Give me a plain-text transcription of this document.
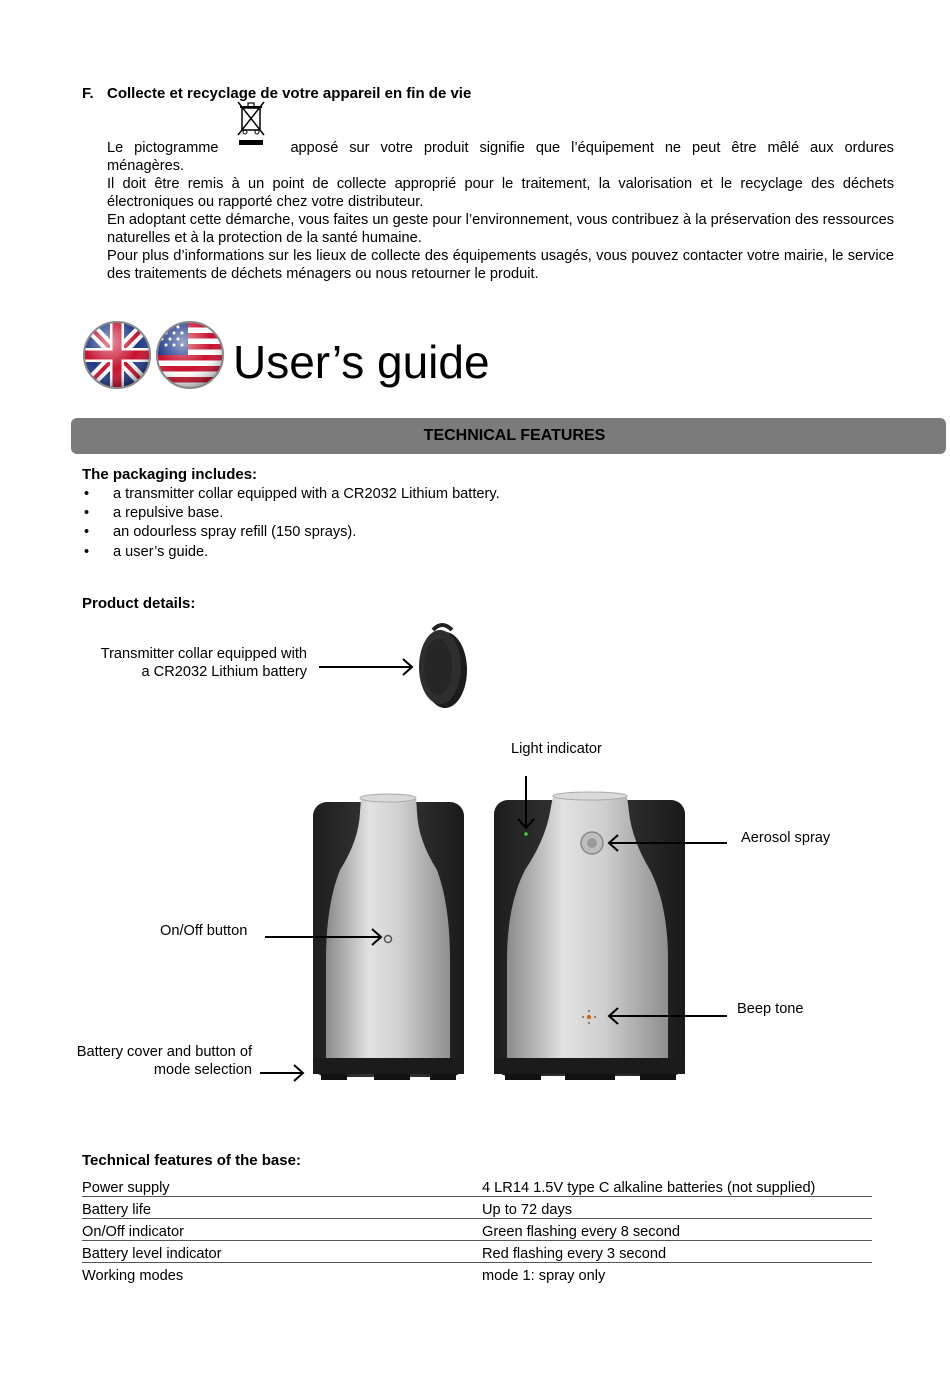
F. Collecte et recyclage de votre appareil en fin de vie

Le pictogramme	apposé sur votre produit signifie que l’équipement ne peut être mêlé aux ordures

ménagères.

Il doit être remis à un point de collecte approprié pour le traitement, la valorisation et le recyclage des déchets électroniques ou rapporté chez votre distributeur.

En adoptant cette démarche, vous faites un geste pour l’environnement, vous contribuez à la préservation des ressources naturelles et à la protection de la santé humaine.

Pour plus d’informations sur les lieux de collecte des équipements usagés, vous pouvez contacter votre mairie, le service des traitements de déchets ménagers ou nous retourner le produit.

User’s guide
TECHNICAL FEATURES
The packaging includes:
• a transmitter collar equipped with a CR2032 Lithium battery.
• a repulsive base.
• an odourless spray refill (150 sprays).
• a user’s guide.
Product details:
Transmitter collar equipped with
a CR2032 Lithium battery
Light indicator
Aerosol spray
On/Off button
Beep tone
Battery cover and button of
mode selection
Technical features of the base:
Power supply	4 LR14 1.5V type C alkaline batteries (not supplied)
Battery life	Up to 72 days
On/Off indicator	Green flashing every 8 second
Battery level indicator	Red flashing every 3 second
Working modes	mode 1: spray only
